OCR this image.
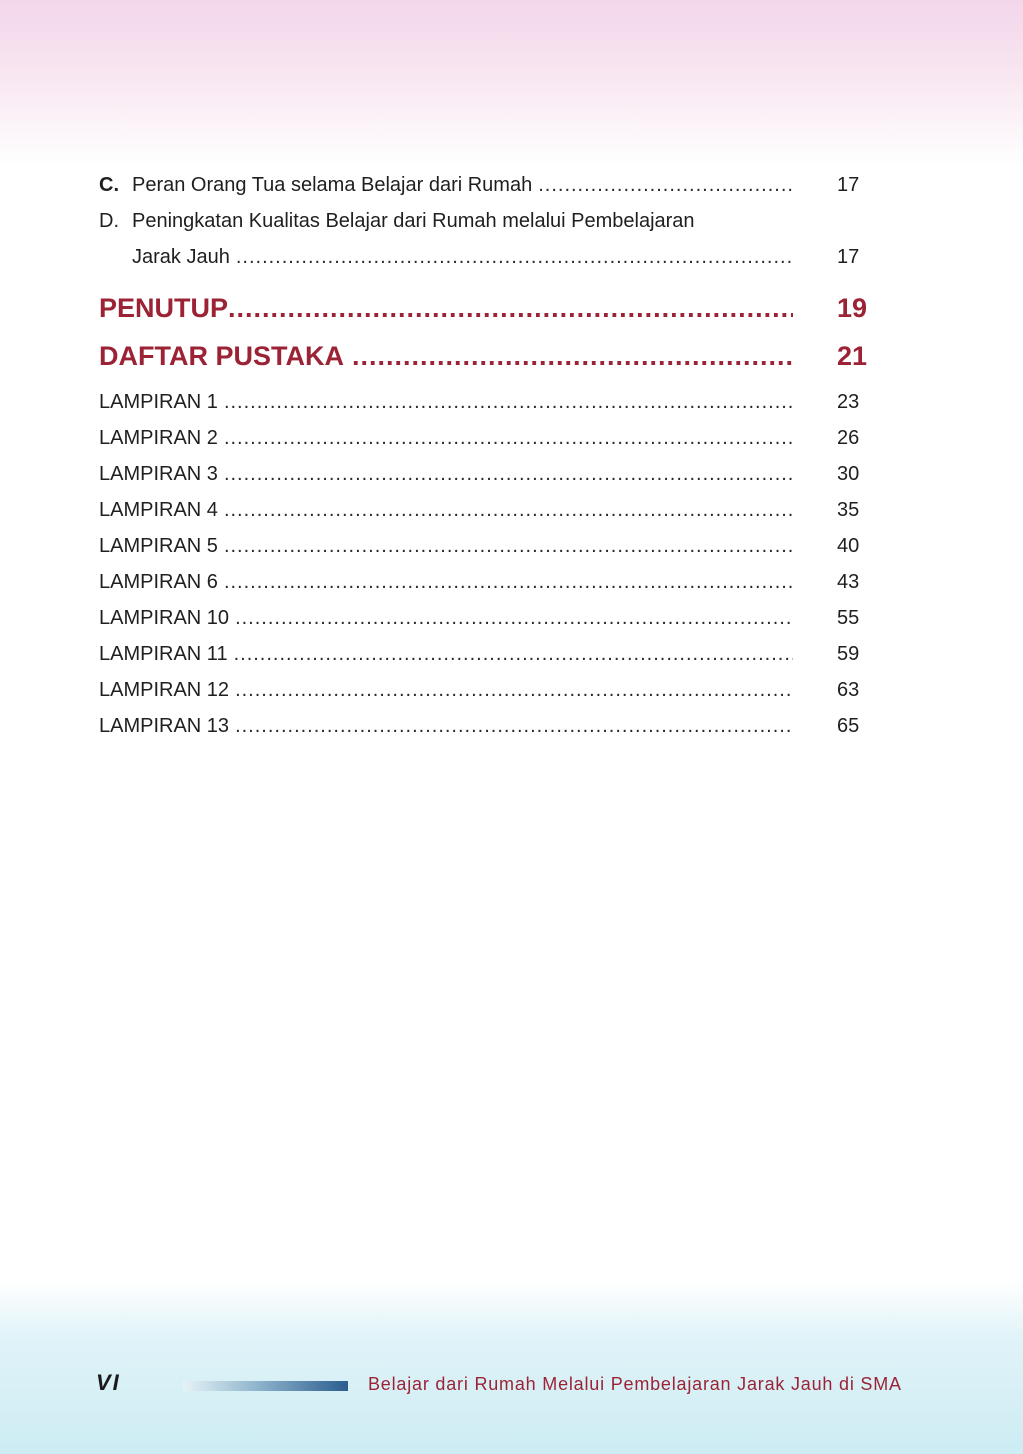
C. Peran Orang Tua selama Belajar dari Rumah .....	17
D. Peningkatan Kualitas Belajar dari Rumah melalui Pembelajaran
Jarak Jauh .....	17
PENUTUP .....	19
DAFTAR PUSTAKA .....	21
LAMPIRAN 1 .....	23
LAMPIRAN 2 .....	26
LAMPIRAN 3 .....	30
LAMPIRAN 4 .....	35
LAMPIRAN 5 .....	40
LAMPIRAN 6 .....	43
LAMPIRAN 10 .....	55
LAMPIRAN 11 .....	59
LAMPIRAN 12 .....	63
LAMPIRAN 13 .....	65
VI	Belajar dari Rumah Melalui Pembelajaran Jarak Jauh di SMA
